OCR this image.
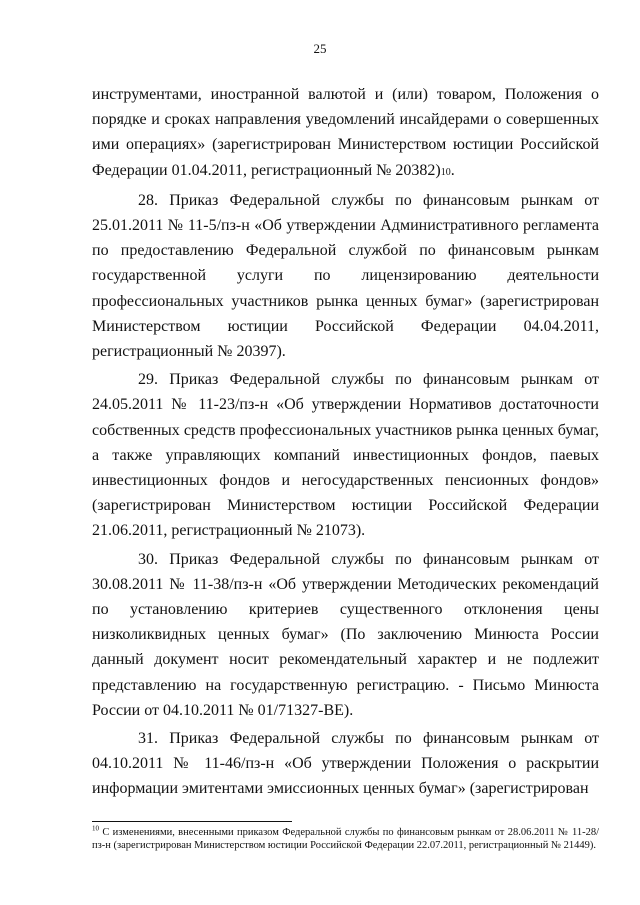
25

инструментами, иностранной валютой и (или) товаром, Положения о порядке и сроках направления уведомлений инсайдерами о совершенных ими операциях» (зарегистрирован Министерством юстиции Российской Федерации 01.04.2011, регистрационный № 20382)10.

28. Приказ Федеральной службы по финансовым рынкам от 25.01.2011 № 11-5/пз-н «Об утверждении Административного регламента по предоставлению Федеральной службой по финансовым рынкам государственной услуги по лицензированию деятельности профессиональных участников рынка ценных бумаг» (зарегистрирован Министерством юстиции Российской Федерации 04.04.2011, регистрационный № 20397).

29. Приказ Федеральной службы по финансовым рынкам от 24.05.2011 № 11-23/пз-н «Об утверждении Нормативов достаточности собственных средств профессиональных участников рынка ценных бумаг, а также управляющих компаний инвестиционных фондов, паевых инвестиционных фондов и негосударственных пенсионных фондов» (зарегистрирован Министерством юстиции Российской Федерации 21.06.2011, регистрационный № 21073).

30. Приказ Федеральной службы по финансовым рынкам от 30.08.2011 № 11-38/пз-н «Об утверждении Методических рекомендаций по установлению критериев существенного отклонения цены низколиквидных ценных бумаг» (По заключению Минюста России данный документ носит рекомендательный характер и не подлежит представлению на государственную регистрацию. - Письмо Минюста России от 04.10.2011 № 01/71327-ВЕ).

31. Приказ Федеральной службы по финансовым рынкам от 04.10.2011 № 11-46/пз-н «Об утверждении Положения о раскрытии информации эмитентами эмиссионных ценных бумаг» (зарегистрирован

$^{10}$ С изменениями, внесенными приказом Федеральной службы по финансовым рынкам от 28.06.2011 № 11-28/пз-н (зарегистрирован Министерством юстиции Российской Федерации 22.07.2011, регистрационный № 21449).
